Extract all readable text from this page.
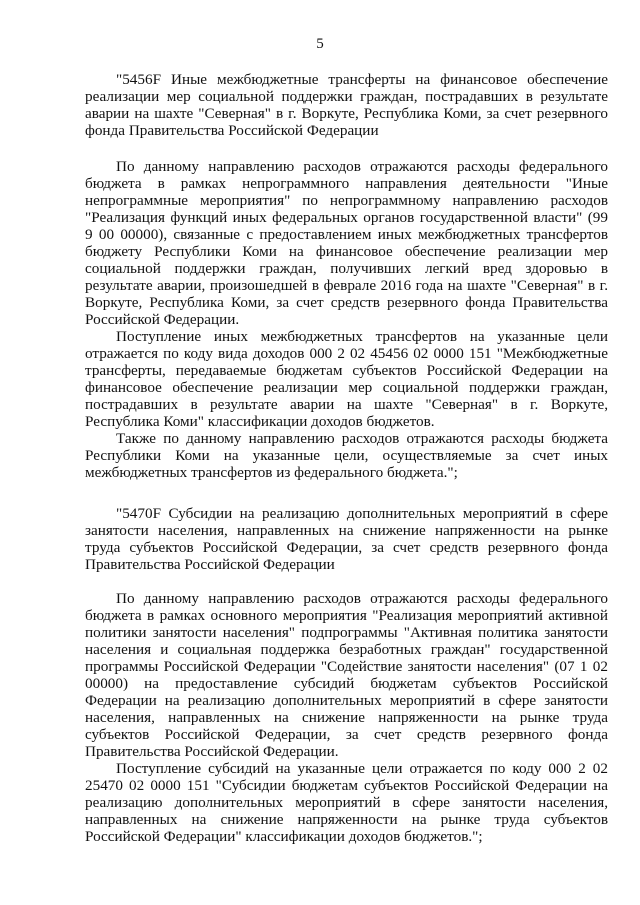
5

"5456F Иные межбюджетные трансферты на финансовое обеспечение реализации мер социальной поддержки граждан, пострадавших в результате аварии на шахте "Северная" в г. Воркуте, Республика Коми, за счет резервного фонда Правительства Российской Федерации

По данному направлению расходов отражаются расходы федерального бюджета в рамках непрограммного направления деятельности "Иные непрограммные мероприятия" по непрограммному направлению расходов "Реализация функций иных федеральных органов государственной власти" (99 9 00 00000), связанные с предоставлением иных межбюджетных трансфертов бюджету Республики Коми на финансовое обеспечение реализации мер социальной поддержки граждан, получивших легкий вред здоровью в результате аварии, произошедшей в феврале 2016 года на шахте "Северная" в г. Воркуте, Республика Коми, за счет средств резервного фонда Правительства Российской Федерации.

Поступление иных межбюджетных трансфертов на указанные цели отражается по коду вида доходов 000 2 02 45456 02 0000 151 "Межбюджетные трансферты, передаваемые бюджетам субъектов Российской Федерации на финансовое обеспечение реализации мер социальной поддержки граждан, пострадавших в результате аварии на шахте "Северная" в г. Воркуте, Республика Коми" классификации доходов бюджетов.

Также по данному направлению расходов отражаются расходы бюджета Республики Коми на указанные цели, осуществляемые за счет иных межбюджетных трансфертов из федерального бюджета.";

"5470F Субсидии на реализацию дополнительных мероприятий в сфере занятости населения, направленных на снижение напряженности на рынке труда субъектов Российской Федерации, за счет средств резервного фонда Правительства Российской Федерации

По данному направлению расходов отражаются расходы федерального бюджета в рамках основного мероприятия "Реализация мероприятий активной политики занятости населения" подпрограммы "Активная политика занятости населения и социальная поддержка безработных граждан" государственной программы Российской Федерации "Содействие занятости населения" (07 1 02 00000) на предоставление субсидий бюджетам субъектов Российской Федерации на реализацию дополнительных мероприятий в сфере занятости населения, направленных на снижение напряженности на рынке труда субъектов Российской Федерации, за счет средств резервного фонда Правительства Российской Федерации.

Поступление субсидий на указанные цели отражается по коду 000 2 02 25470 02 0000 151 "Субсидии бюджетам субъектов Российской Федерации на реализацию дополнительных мероприятий в сфере занятости населения, направленных на снижение напряженности на рынке труда субъектов Российской Федерации" классификации доходов бюджетов.";
